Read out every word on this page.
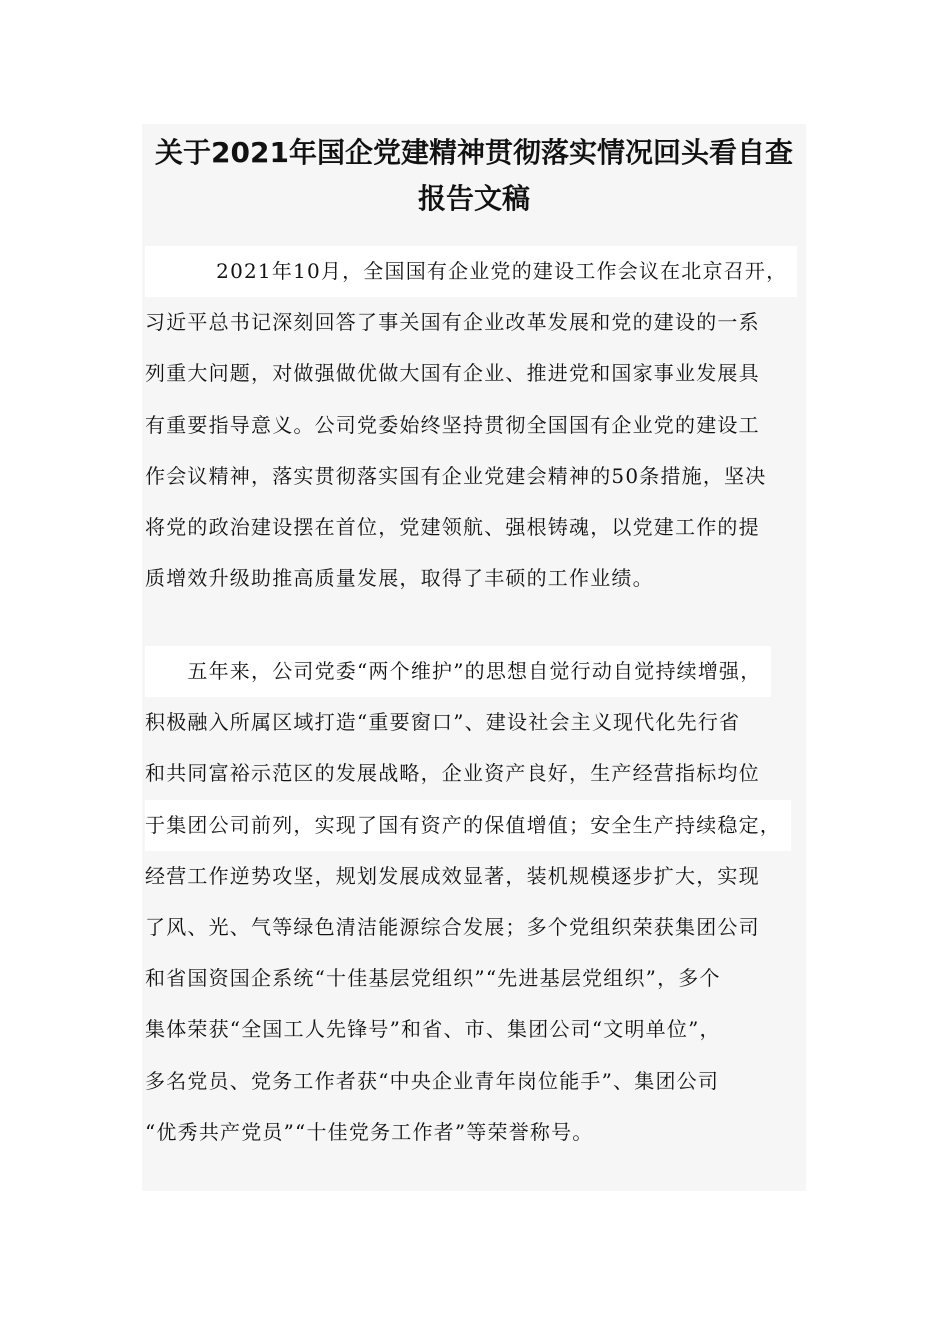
关于2021年国企党建精神贯彻落实情况回头看自查
报告文稿
　　　 2021年10月，全国国有企业党的建设工作会议在北京召开，
习近平总书记深刻回答了事关国有企业改革发展和党的建设的一系
列重大问题，对做强做优做大国有企业、推进党和国家事业发展具
有重要指导意义。公司党委始终坚持贯彻全国国有企业党的建设工
作会议精神，落实贯彻落实国有企业党建会精神的50条措施，坚决
将党的政治建设摆在首位，党建领航、强根铸魂，以党建工作的提
质增效升级助推高质量发展，取得了丰硕的工作业绩。
　　五年来，公司党委“两个维护”的思想自觉行动自觉持续增强，
积极融入所属区域打造“重要窗口”、建设社会主义现代化先行省
和共同富裕示范区的发展战略，企业资产良好，生产经营指标均位
于集团公司前列，实现了国有资产的保值增值；安全生产持续稳定，
经营工作逆势攻坚，规划发展成效显著，装机规模逐步扩大，实现
了风、光、气等绿色清洁能源综合发展；多个党组织荣获集团公司
和省国资国企系统“十佳基层党组织”“先进基层党组织”，多个
集体荣获“全国工人先锋号”和省、市、集团公司“文明单位”，
多名党员、党务工作者获“中央企业青年岗位能手”、集团公司
“优秀共产党员”“十佳党务工作者”等荣誉称号。
